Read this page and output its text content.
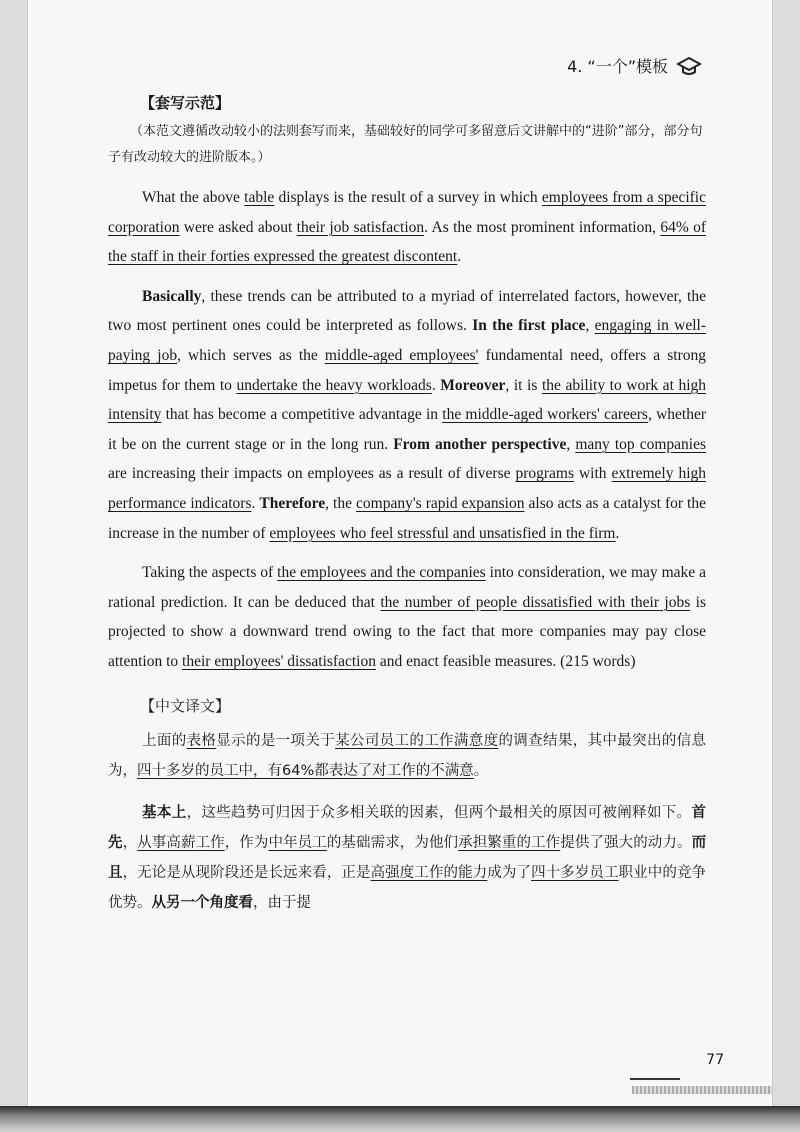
4. “一个”模板
【套写示范】

（本范文遵循改动较小的法则套写而来，基础较好的同学可多留意后文讲解中的“进阶”部分，部分句子有改动较大的进阶版本。）

What the above table displays is the result of a survey in which employees from a specific corporation were asked about their job satisfaction. As the most prominent information, 64% of the staff in their forties expressed the greatest discontent.

Basically, these trends can be attributed to a myriad of interrelated factors, however, the two most pertinent ones could be interpreted as follows. In the first place, engaging in well-paying job, which serves as the middle-aged employees' fundamental need, offers a strong impetus for them to undertake the heavy workloads. Moreover, it is the ability to work at high intensity that has become a competitive advantage in the middle-aged workers' careers, whether it be on the current stage or in the long run. From another perspective, many top companies are increasing their impacts on employees as a result of diverse programs with extremely high performance indicators. Therefore, the company's rapid expansion also acts as a catalyst for the increase in the number of employees who feel stressful and unsatisfied in the firm.

Taking the aspects of the employees and the companies into consideration, we may make a rational prediction. It can be deduced that the number of people dissatisfied with their jobs is projected to show a downward trend owing to the fact that more companies may pay close attention to their employees' dissatisfaction and enact feasible measures. (215 words)

【中文译文】

上面的表格显示的是一项关于某公司员工的工作满意度的调查结果，其中最突出的信息为，四十多岁的员工中，有64%都表达了对工作的不满意。

基本上，这些趋势可归因于众多相关联的因素，但两个最相关的原因可被阐释如下。首先，从事高薪工作，作为中年员工的基础需求，为他们承担繁重的工作提供了强大的动力。而且，无论是从现阶段还是长远来看，正是高强度工作的能力成为了四十多岁员工职业中的竞争优势。从另一个角度看，由于提

77
